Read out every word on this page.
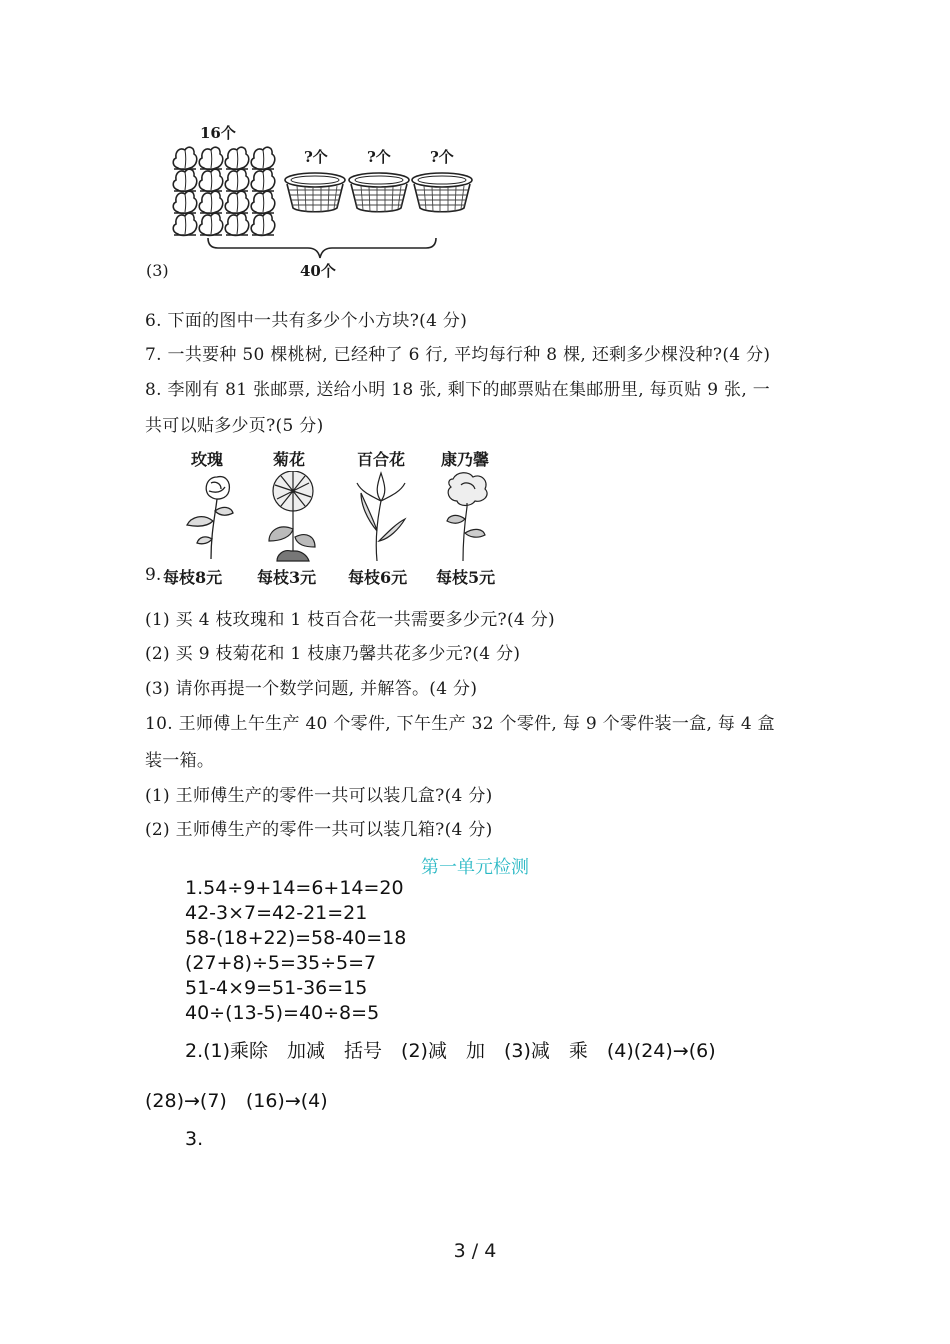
16个
?个	?个	?个
40个
(3)
6. 下面的图中一共有多少个小方块?(4 分)
7. 一共要种 50 棵桃树, 已经种了 6 行, 平均每行种 8 棵, 还剩多少棵没种?(4 分)
8. 李刚有 81 张邮票, 送给小明 18 张, 剩下的邮票贴在集邮册里, 每页贴 9 张, 一
共可以贴多少页?(5 分)
玫瑰	菊花	百合花	康乃馨
9. 每枝8元 每枝3元 每枝6元 每枝5元
(1) 买 4 枝玫瑰和 1 枝百合花一共需要多少元?(4 分)
(2) 买 9 枝菊花和 1 枝康乃馨共花多少元?(4 分)
(3) 请你再提一个数学问题, 并解答。(4 分)
10. 王师傅上午生产 40 个零件, 下午生产 32 个零件, 每 9 个零件装一盒, 每 4 盒
装一箱。
(1) 王师傅生产的零件一共可以装几盒?(4 分)
(2) 王师傅生产的零件一共可以装几箱?(4 分)
第一单元检测
1.54÷9+14=6+14=20
42-3×7=42-21=21
58-(18+22)=58-40=18
(27+8)÷5=35÷5=7
51-4×9=51-36=15
40÷(13-5)=40÷8=5
2.(1)乘除　加减　括号　(2)减　加　(3)减　乘　(4)(24)→(6)
(28)→(7)　(16)→(4)
3.
3 / 4
